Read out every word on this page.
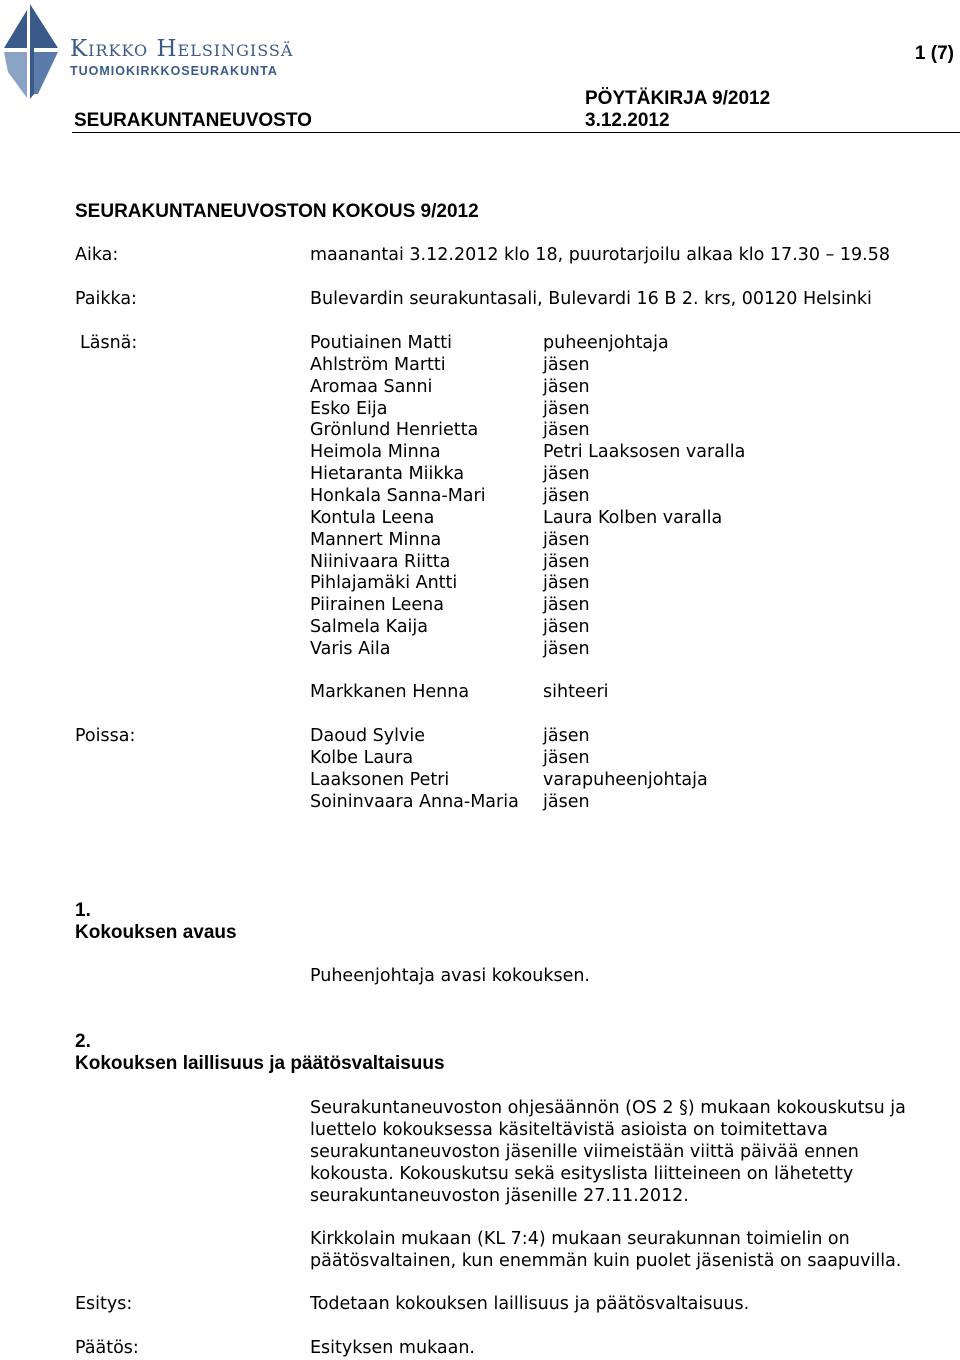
Kirkko Helsingissä
TUOMIOKIRKKOSEURAKUNTA
1 (7)
PÖYTÄKIRJA 9/2012
SEURAKUNTANEUVOSTO	3.12.2012
SEURAKUNTANEUVOSTON KOKOUS 9/2012
Aika:	maanantai 3.12.2012 klo 18, puurotarjoilu alkaa klo 17.30 – 19.58
Paikka:	Bulevardin seurakuntasali, Bulevardi 16 B 2. krs, 00120 Helsinki
Läsnä:	Poutiainen Matti	puheenjohtaja
Ahlström Martti	jäsen
Aromaa Sanni	jäsen
Esko Eija	jäsen
Grönlund Henrietta	jäsen
Heimola Minna	Petri Laaksosen varalla
Hietaranta Miikka	jäsen
Honkala Sanna-Mari	jäsen
Kontula Leena	Laura Kolben varalla
Mannert Minna	jäsen
Niinivaara Riitta	jäsen
Pihlajamäki Antti	jäsen
Piirainen Leena	jäsen
Salmela Kaija	jäsen
Varis Aila	jäsen
Markkanen Henna	sihteeri
Poissa:	Daoud Sylvie	jäsen
Kolbe Laura	jäsen
Laaksonen Petri	varapuheenjohtaja
Soininvaara Anna-Maria jäsen
1.
Kokouksen avaus
Puheenjohtaja avasi kokouksen.
2.
Kokouksen laillisuus ja päätösvaltaisuus
Seurakuntaneuvoston ohjesäännön (OS 2 §) mukaan kokouskutsu ja luettelo kokouksessa käsiteltävistä asioista on toimitettava seurakuntaneuvoston jäsenille viimeistään viittä päivää ennen kokousta. Kokouskutsu sekä esityslista liitteineen on lähetetty seurakuntaneuvoston jäsenille 27.11.2012.
Kirkkolain mukaan (KL 7:4) mukaan seurakunnan toimielin on päätösvaltainen, kun enemmän kuin puolet jäsenistä on saapuvilla.
Esitys:	Todetaan kokouksen laillisuus ja päätösvaltaisuus.
Päätös:	Esityksen mukaan.
